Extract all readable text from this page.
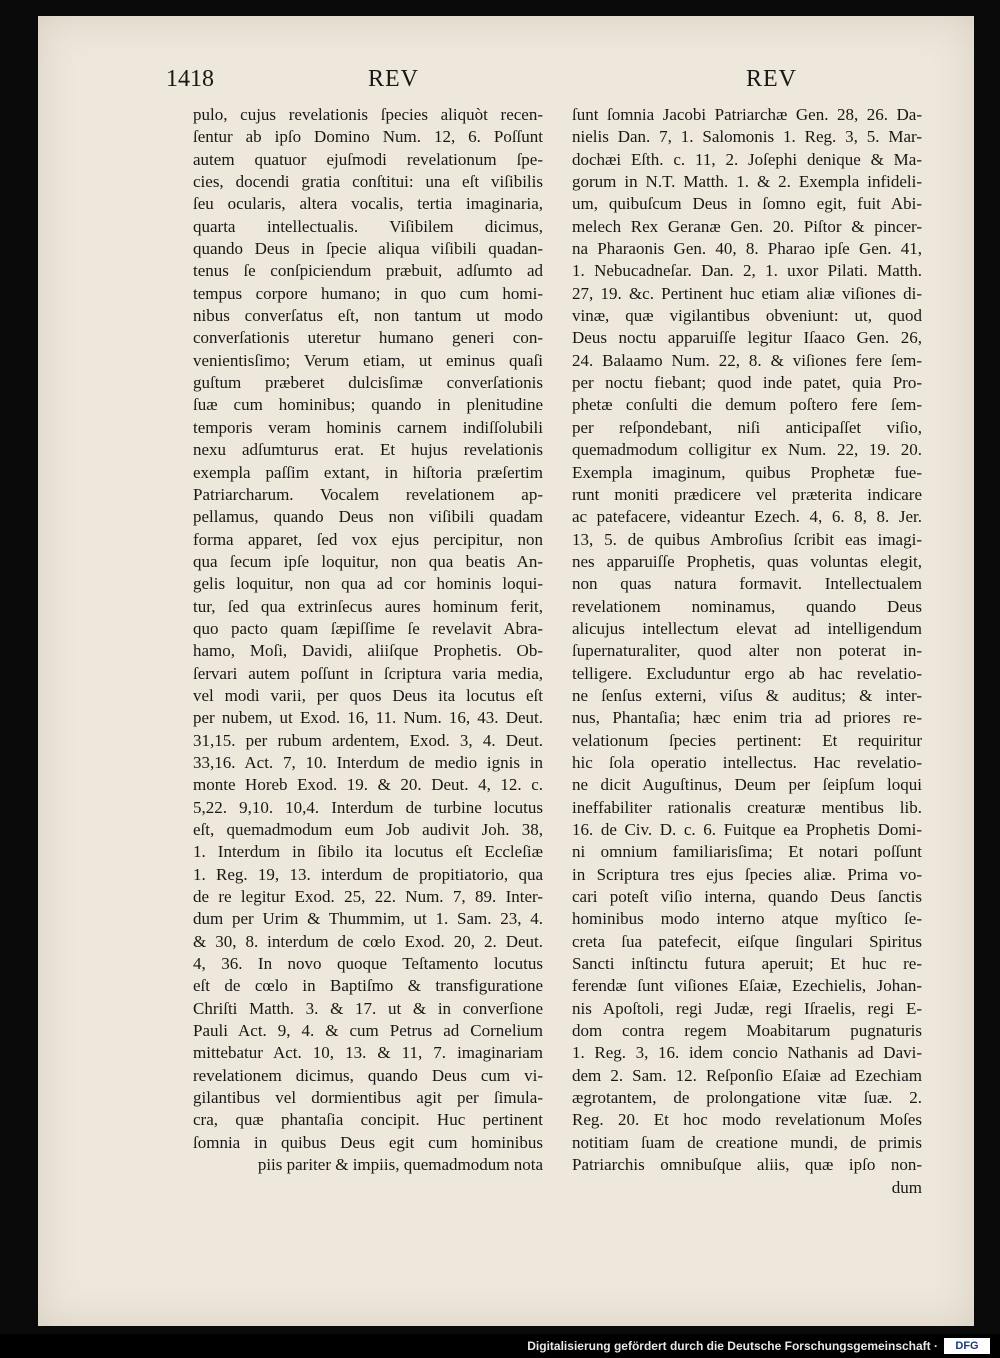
1418	REV	REV
pulo, cujus revelationis ſpecies aliquòt recen-
ſentur ab ipſo Domino Num. 12, 6. Poſſunt
autem quatuor ejuſmodi revelationum ſpe-
cies, docendi gratia conſtitui: una eſt viſibilis
ſeu ocularis, altera vocalis, tertia imaginaria,
quarta intellectualis. Viſibilem dicimus,
quando Deus in ſpecie aliqua viſibili quadan-
tenus ſe conſpiciendum præbuit, adſumto ad
tempus corpore humano; in quo cum homi-
nibus converſatus eſt, non tantum ut modo
converſationis uteretur humano generi con-
venientisſimo; Verum etiam, ut eminus quaſi
guſtum præberet dulcisſimæ converſationis
ſuæ cum hominibus; quando in plenitudine
temporis veram hominis carnem indiſſolubili
nexu adſumturus erat. Et hujus revelationis
exempla paſſim extant, in hiſtoria præſertim
Patriarcharum. Vocalem revelationem ap-
pellamus, quando Deus non viſibili quadam
forma apparet, ſed vox ejus percipitur, non
qua ſecum ipſe loquitur, non qua beatis An-
gelis loquitur, non qua ad cor hominis loqui-
tur, ſed qua extrinſecus aures hominum ferit,
quo pacto quam ſæpiſſime ſe revelavit Abra-
hamo, Moſi, Davidi, aliiſque Prophetis. Ob-
ſervari autem poſſunt in ſcriptura varia media,
vel modi varii, per quos Deus ita locutus eſt
per nubem, ut Exod. 16, 11. Num. 16, 43. Deut.
31,15. per rubum ardentem, Exod. 3, 4. Deut.
33,16. Act. 7, 10. Interdum de medio ignis in
monte Horeb Exod. 19. & 20. Deut. 4, 12. c.
5,22. 9,10. 10,4. Interdum de turbine locutus
eſt, quemadmodum eum Job audivit Joh. 38,
1. Interdum in ſibilo ita locutus eſt Eccleſiæ
1. Reg. 19, 13. interdum de propitiatorio, qua
de re legitur Exod. 25, 22. Num. 7, 89. Inter-
dum per Urim & Thummim, ut 1. Sam. 23, 4.
& 30, 8. interdum de cœlo Exod. 20, 2. Deut.
4, 36. In novo quoque Teſtamento locutus
eſt de cœlo in Baptiſmo & transfiguratione
Chriſti Matth. 3. & 17. ut & in converſione
Pauli Act. 9, 4. & cum Petrus ad Cornelium
mittebatur Act. 10, 13. & 11, 7. imaginariam
revelationem dicimus, quando Deus cum vi-
gilantibus vel dormientibus agit per ſimula-
cra, quæ phantaſia concipit. Huc pertinent
ſomnia in quibus Deus egit cum hominibus
piis pariter & impiis, quemadmodum nota
ſunt ſomnia Jacobi Patriarchæ Gen. 28, 26. Da-
nielis Dan. 7, 1. Salomonis 1. Reg. 3, 5. Mar-
dochæi Eſth. c. 11, 2. Joſephi denique & Ma-
gorum in N.T. Matth. 1. & 2. Exempla infideli-
um, quibuſcum Deus in ſomno egit, fuit Abi-
melech Rex Geranæ Gen. 20. Piſtor & pincer-
na Pharaonis Gen. 40, 8. Pharao ipſe Gen. 41,
1. Nebucadneſar. Dan. 2, 1. uxor Pilati. Matth.
27, 19. &c. Pertinent huc etiam aliæ viſiones di-
vinæ, quæ vigilantibus obveniunt: ut, quod
Deus noctu apparuiſſe legitur Iſaaco Gen. 26,
24. Balaamo Num. 22, 8. & viſiones fere ſem-
per noctu fiebant; quod inde patet, quia Pro-
phetæ conſulti die demum poſtero fere ſem-
per reſpondebant, niſi anticipaſſet viſio,
quemadmodum colligitur ex Num. 22, 19. 20.
Exempla imaginum, quibus Prophetæ fue-
runt moniti prædicere vel præterita indicare
ac patefacere, videantur Ezech. 4, 6. 8, 8. Jer.
13, 5. de quibus Ambroſius ſcribit eas imagi-
nes apparuiſſe Prophetis, quas voluntas elegit,
non quas natura formavit. Intellectualem
revelationem nominamus, quando Deus
alicujus intellectum elevat ad intelligendum
ſupernaturaliter, quod alter non poterat in-
telligere. Excluduntur ergo ab hac revelatio-
ne ſenſus externi, viſus & auditus; & inter-
nus, Phantaſia; hæc enim tria ad priores re-
velationum ſpecies pertinent: Et requiritur
hic ſola operatio intellectus. Hac revelatio-
ne dicit Auguſtinus, Deum per ſeipſum loqui
ineffabiliter rationalis creaturæ mentibus lib.
16. de Civ. D. c. 6. Fuitque ea Prophetis Domi-
ni omnium familiarisſima; Et notari poſſunt
in Scriptura tres ejus ſpecies aliæ. Prima vo-
cari poteſt viſio interna, quando Deus ſanctis
hominibus modo interno atque myſtico ſe-
creta ſua patefecit, eiſque ſingulari Spiritus
Sancti inſtinctu futura aperuit; Et huc re-
ferendæ ſunt viſiones Eſaiæ, Ezechielis, Johan-
nis Apoſtoli, regi Judæ, regi Iſraelis, regi E-
dom contra regem Moabitarum pugnaturis
1. Reg. 3, 16. idem concio Nathanis ad Davi-
dem 2. Sam. 12. Reſponſio Eſaiæ ad Ezechiam
ægrotantem, de prolongatione vitæ ſuæ. 2.
Reg. 20. Et hoc modo revelationum Moſes
notitiam ſuam de creatione mundi, de primis
Patriarchis omnibuſque aliis, quæ ipſo non-
dum
Digitalisierung gefördert durch die Deutsche Forschungsgemeinschaft ·	DFG
